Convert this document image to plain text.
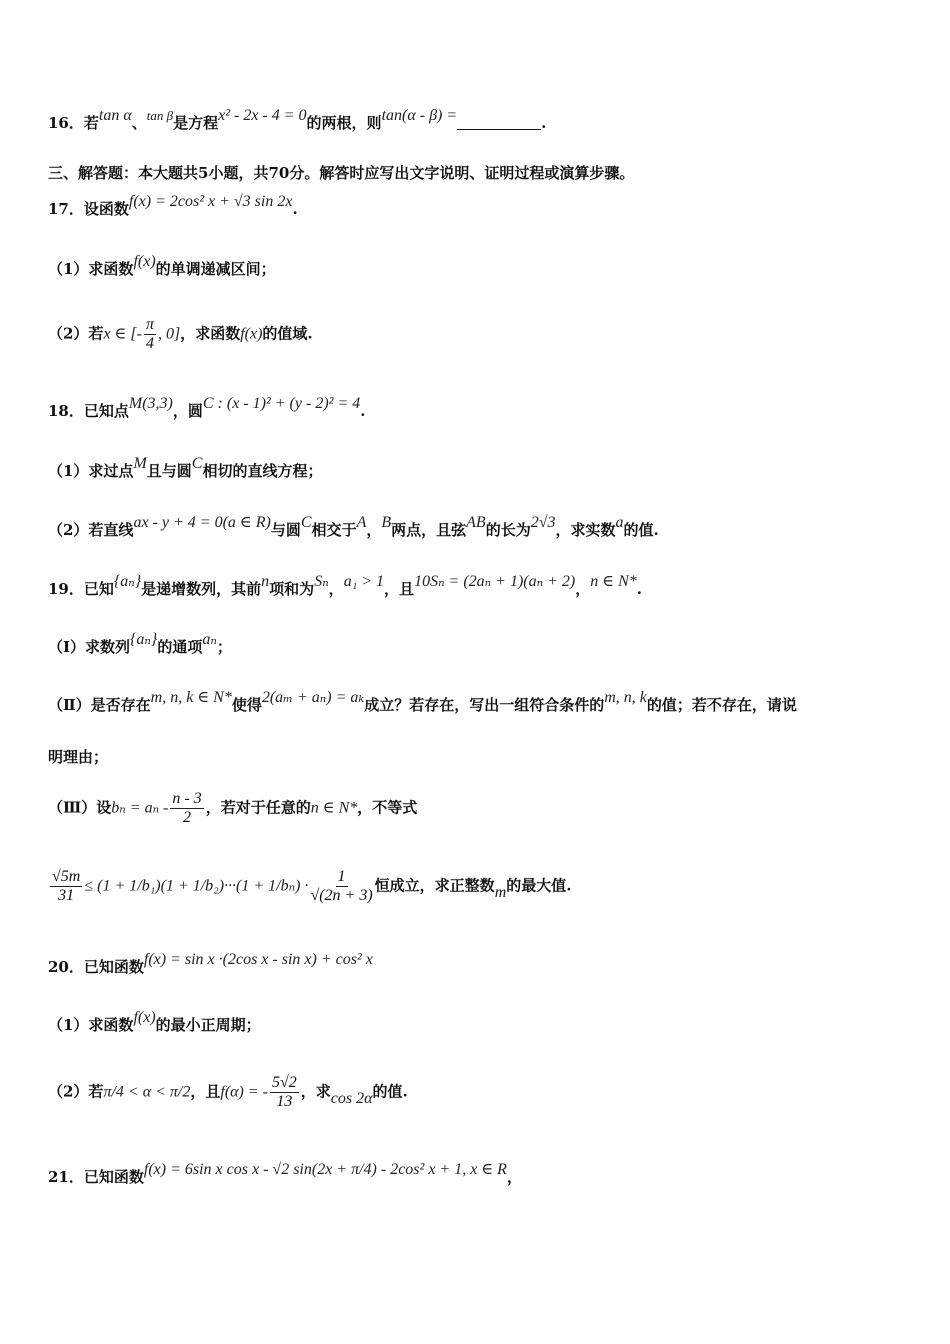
16．若tan α、tan β是方程x² - 2x - 4 = 0的两根，则tan(α - β) =	.
三、解答题：本大题共5小题，共70分。解答时应写出文字说明、证明过程或演算步骤。
17．设函数f(x) = 2cos² x + √3 sin 2x.
（1）求函数f(x)的单调递减区间；
（2）若x ∈ [- $\frac{\pi}{4}$ , 0]，求函数f(x)的值域.
18．已知点M(3,3)，圆C : (x - 1)² + (y - 2)² = 4.
（1）求过点M且与圆C相切的直线方程；
（2）若直线ax - y + 4 = 0(a ∈ R)与圆C相交于A，B两点，且弦AB的长为2√3，求实数a的值.
19．已知{aₙ}是递增数列，其前n项和为Sₙ，a₁ > 1，且10Sₙ = (2aₙ + 1)(aₙ + 2)，n ∈ N*.
（Ⅰ）求数列{aₙ}的通项aₙ；
（Ⅱ）是否存在m, n, k ∈ N*使得2(aₘ + aₙ) = aₖ成立？若存在，写出一组符合条件的m, n, k的值；若不存在，请说
明理由；
（Ⅲ）设$b_n = a_n - \frac{n - 3}{2}$ ，若对于任意的n ∈ N*，不等式
$\frac{√5m}{31} \le (1 + 1/b_1)(1 + 1/b_2)\cdot\cdot\cdot(1 + 1/b_n) \cdot \frac{1}{√(2n + 3)}$ 恒成立，求正整数m的最大值.
20．已知函数f(x) = sin x ·(2cos x - sin x) + cos² x
（1）求函数f(x)的最小正周期；
（2）若π/4 < α < π/2，且f(α) = - $\frac{5√2}{13}$ ，求cos 2α的值.
21．已知函数f(x) = 6sin x cos x - √2 sin(2x + π/4) - 2cos² x + 1, x ∈ R，
